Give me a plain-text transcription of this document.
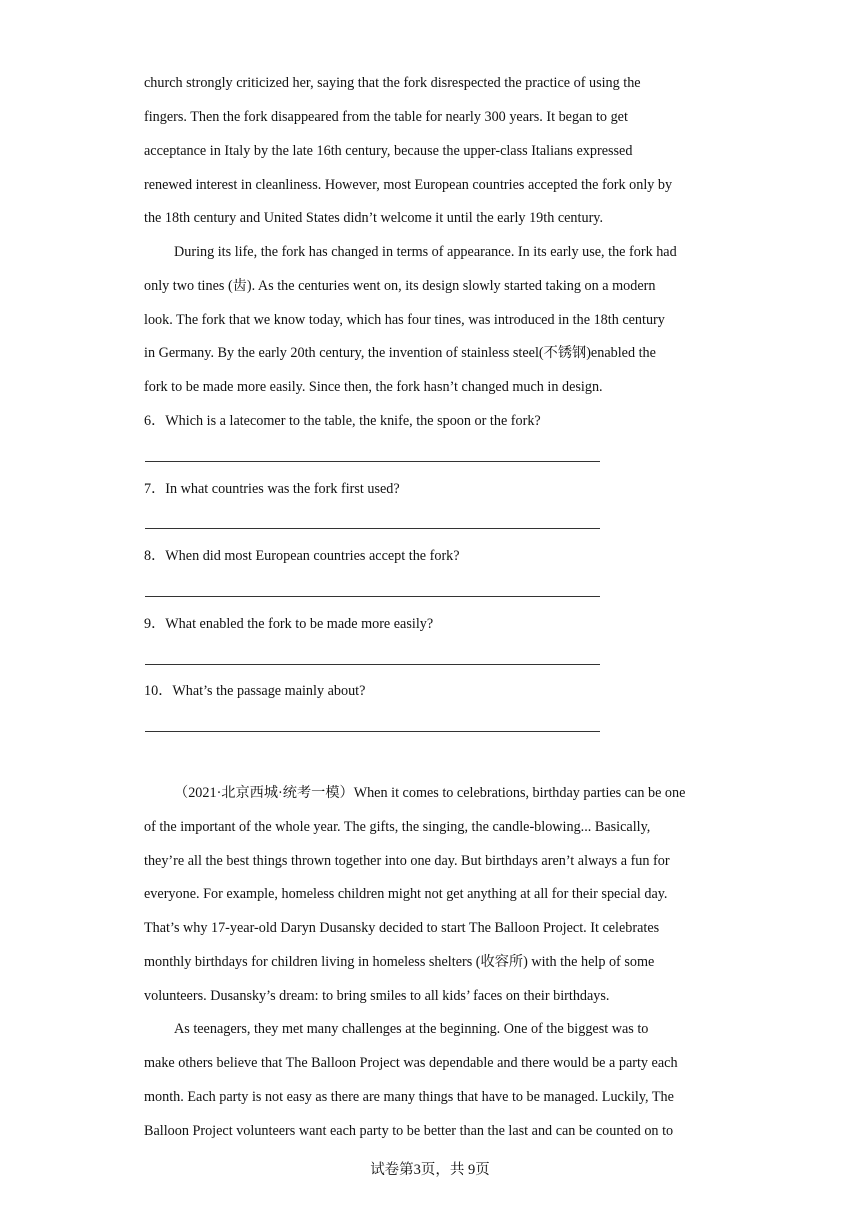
church strongly criticized her, saying that the fork disrespected the practice of using the
fingers. Then the fork disappeared from the table for nearly 300 years. It began to get
acceptance in Italy by the late 16th century, because the upper-class Italians expressed
renewed interest in cleanliness. However, most European countries accepted the fork only by
the 18th century and United States didn’t welcome it until the early 19th century.
During its life, the fork has changed in terms of appearance. In its early use, the fork had
only two tines (齿). As the centuries went on, its design slowly started taking on a modern
look. The fork that we know today, which has four tines, was introduced in the 18th century
in Germany. By the early 20th century, the invention of stainless steel(不锈钢)enabled the
fork to be made more easily. Since then, the fork hasn’t changed much in design.
6．Which is a latecomer to the table, the knife, the spoon or the fork?
7．In what countries was the fork first used?
8．When did most European countries accept the fork?
9．What enabled the fork to be made more easily?
10．What’s the passage mainly about?
（2021·北京西城·统考一模）When it comes to celebrations, birthday parties can be one
of the important of the whole year. The gifts, the singing, the candle-blowing... Basically,
they’re all the best things thrown together into one day. But birthdays aren’t always a fun for
everyone. For example, homeless children might not get anything at all for their special day.
That’s why 17-year-old Daryn Dusansky decided to start The Balloon Project. It celebrates
monthly birthdays for children living in homeless shelters (收容所) with the help of some
volunteers. Dusansky’s dream: to bring smiles to all kids’ faces on their birthdays.
As teenagers, they met many challenges at the beginning. One of the biggest was to
make others believe that The Balloon Project was dependable and there would be a party each
month. Each party is not easy as there are many things that have to be managed. Luckily, The
Balloon Project volunteers want each party to be better than the last and can be counted on to
试卷第3页，共 9页
